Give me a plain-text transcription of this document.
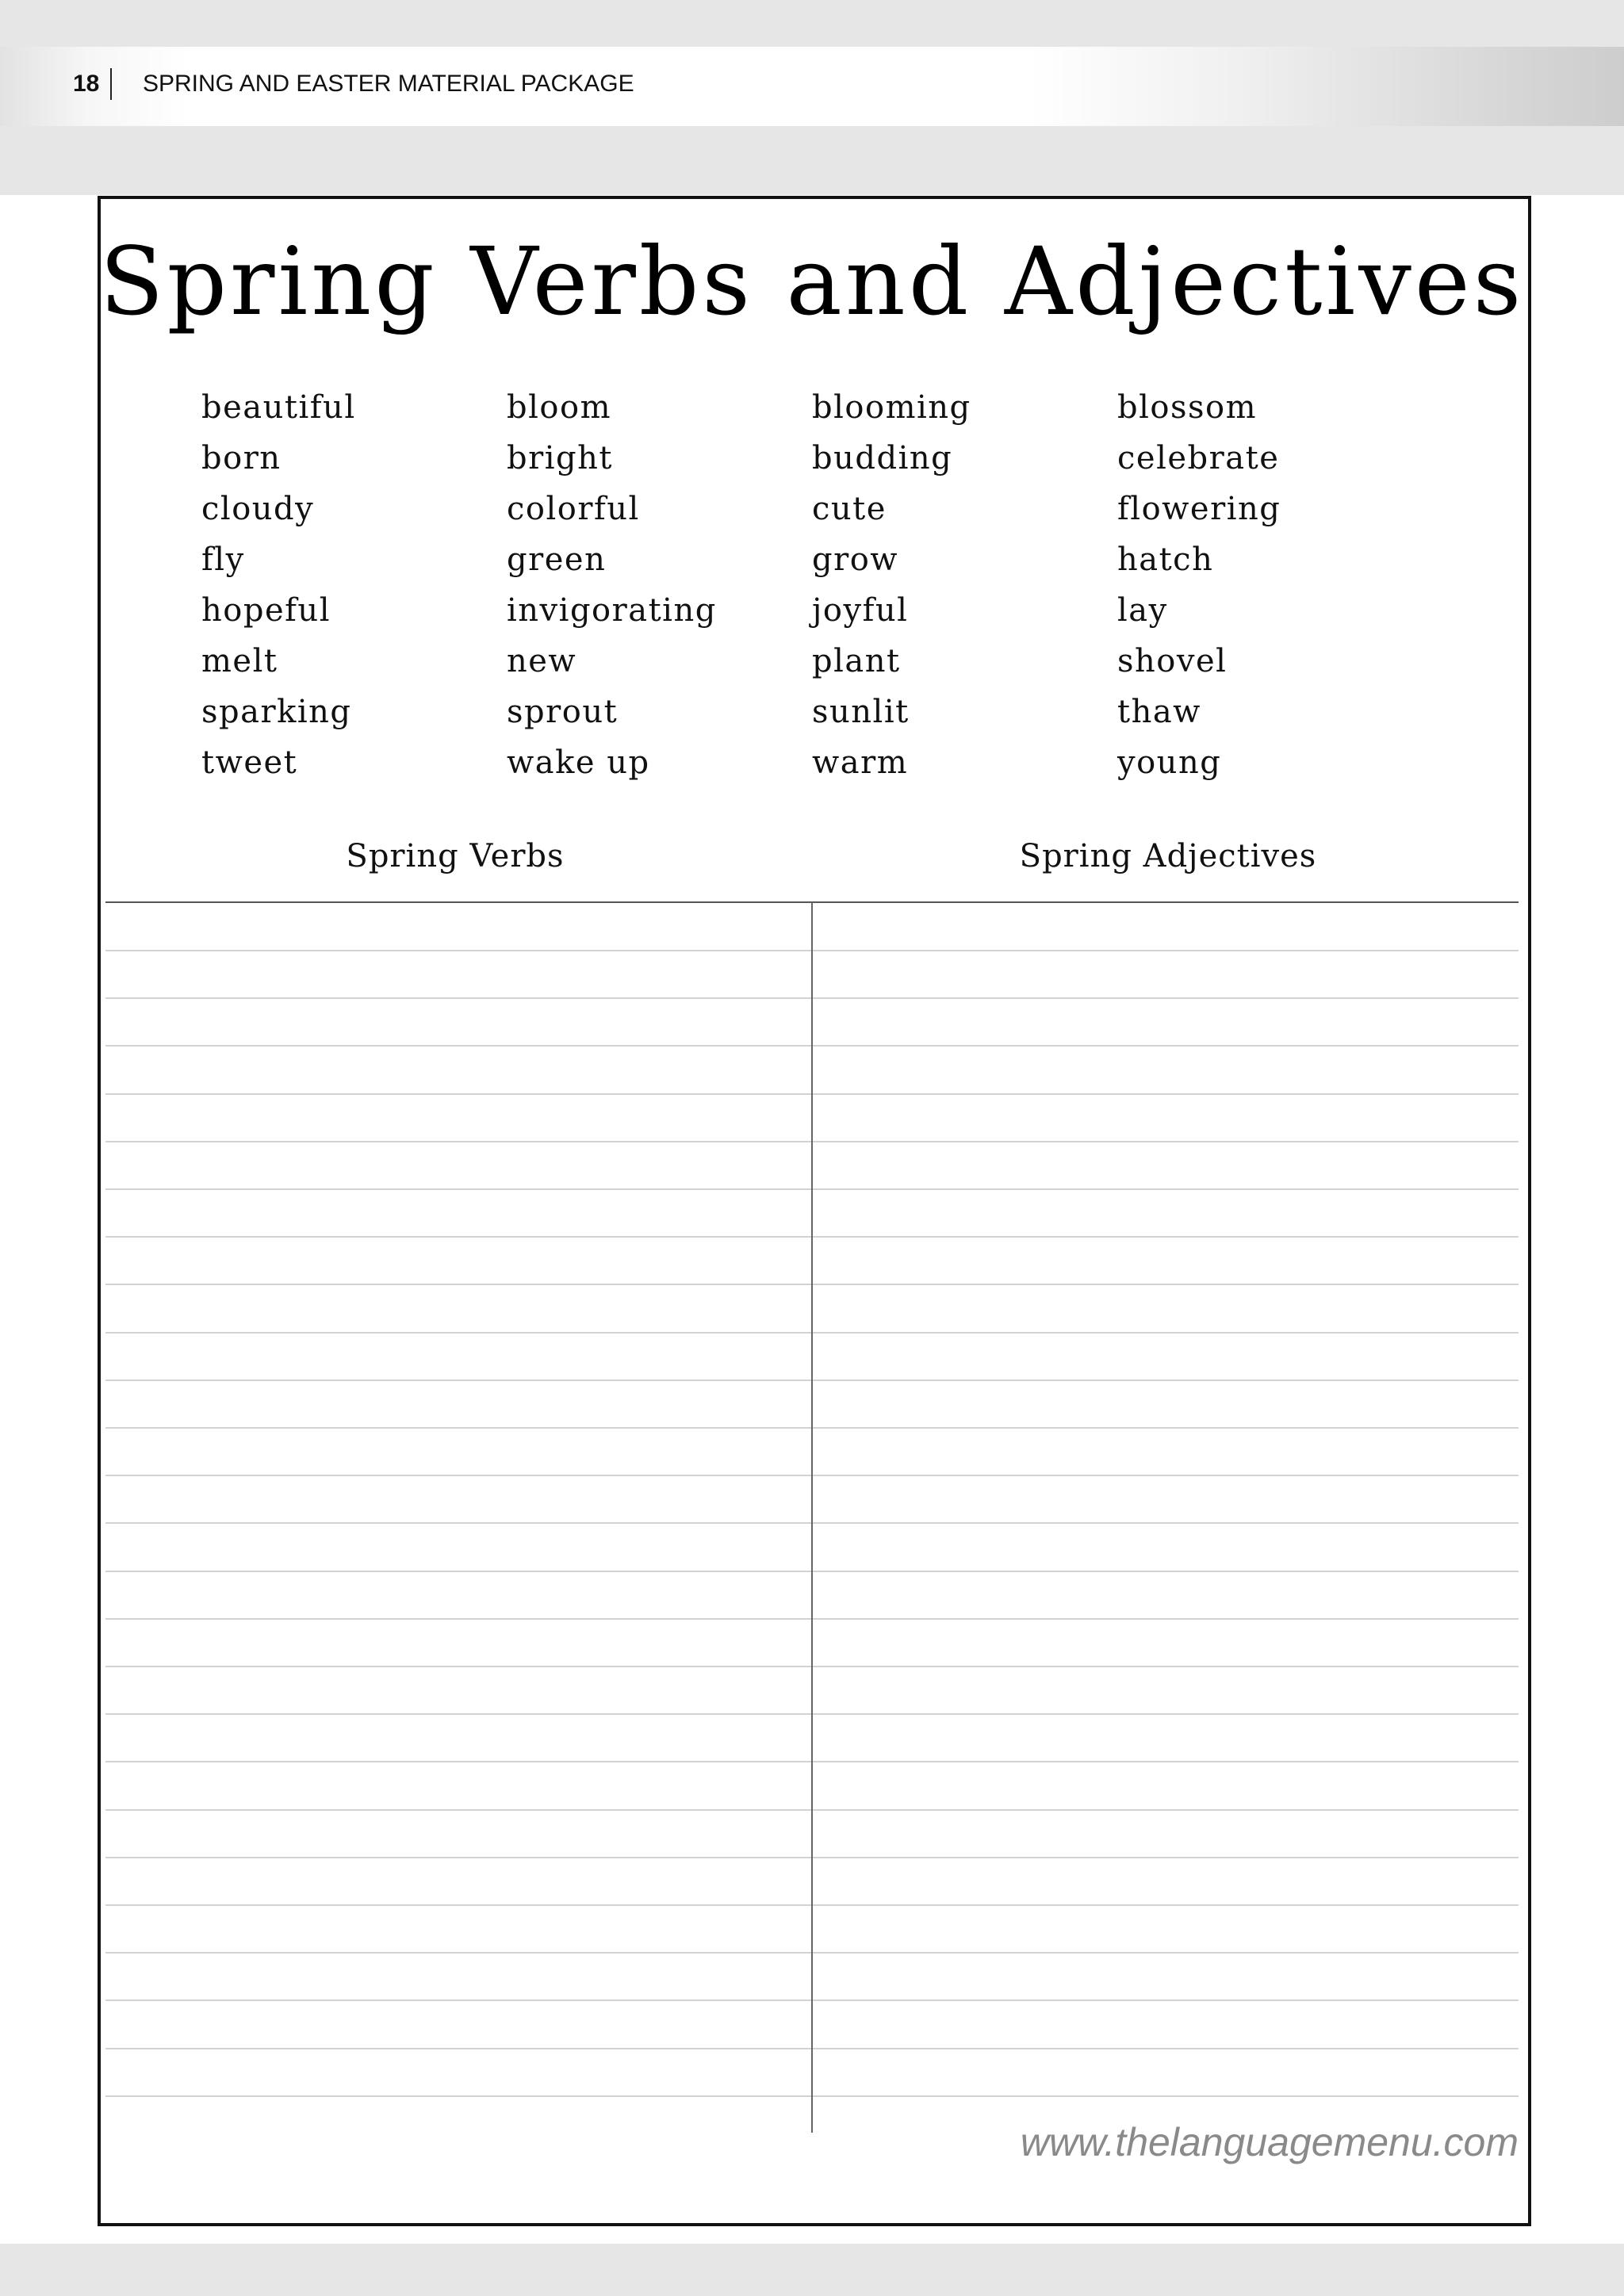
18 SPRING AND EASTER MATERIAL PACKAGE
Spring Verbs and Adjectives
beautiful	bloom	blooming	blossom
born	bright	budding	celebrate
cloudy	colorful	cute	flowering
fly	green	grow	hatch
hopeful	invigorating	joyful	lay
melt	new	plant	shovel
sparking	sprout	sunlit	thaw
tweet	wake up	warm	young
Spring Verbs	Spring Adjectives
www.thelanguagemenu.com
